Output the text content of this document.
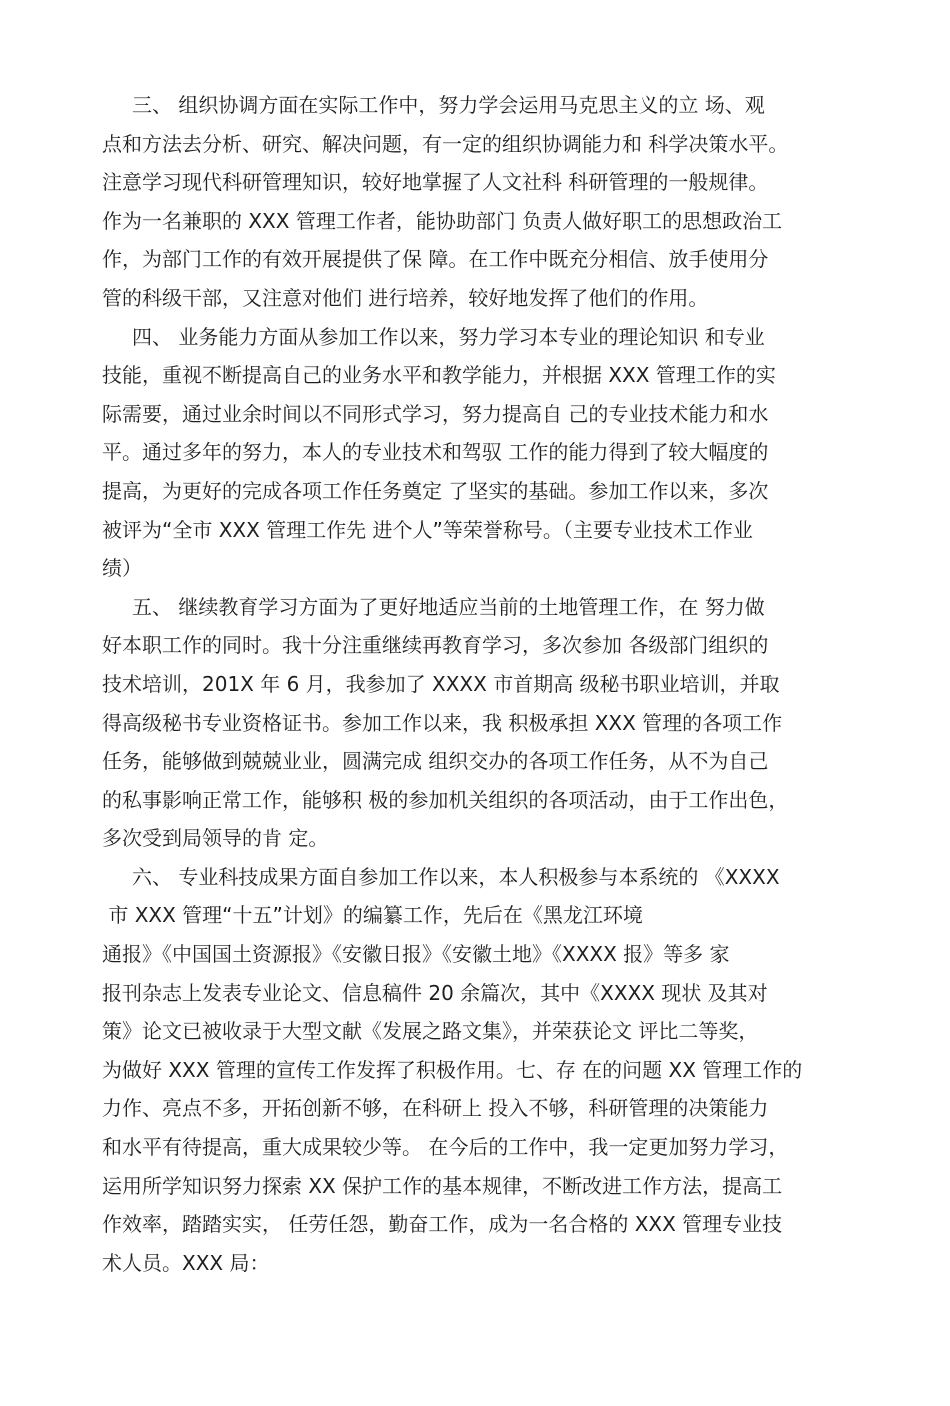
三、 组织协调方面在实际工作中，努力学会运用马克思主义的立 场、观
点和方法去分析、研究、解决问题，有一定的组织协调能力和 科学决策水平。
注意学习现代科研管理知识，较好地掌握了人文社科 科研管理的一般规律。
作为一名兼职的 XXX 管理工作者，能协助部门 负责人做好职工的思想政治工
作，为部门工作的有效开展提供了保 障。在工作中既充分相信、放手使用分
管的科级干部，又注意对他们 进行培养，较好地发挥了他们的作用。
四、 业务能力方面从参加工作以来，努力学习本专业的理论知识 和专业
技能，重视不断提高自己的业务水平和教学能力，并根据 XXX 管理工作的实
际需要，通过业余时间以不同形式学习，努力提高自 己的专业技术能力和水
平。通过多年的努力，本人的专业技术和驾驭 工作的能力得到了较大幅度的
提高，为更好的完成各项工作任务奠定 了坚实的基础。参加工作以来，多次
被评为“全市 XXX 管理工作先 进个人”等荣誉称号。（主要专业技术工作业
绩）
五、 继续教育学习方面为了更好地适应当前的土地管理工作，在 努力做
好本职工作的同时。我十分注重继续再教育学习，多次参加 各级部门组织的
技术培训，201X 年 6 月，我参加了 XXXX 市首期高 级秘书职业培训，并取
得高级秘书专业资格证书。参加工作以来，我 积极承担 XXX 管理的各项工作
任务，能够做到兢兢业业，圆满完成 组织交办的各项工作任务，从不为自己
的私事影响正常工作，能够积 极的参加机关组织的各项活动，由于工作出色，
多次受到局领导的肯 定。
六、 专业科技成果方面自参加工作以来，本人积极参与本系统的 《XXXX
市 XXX 管理“十五”计划》的编纂工作，先后在《黑龙江环境
通报》《中国国土资源报》《安徽日报》《安徽土地》《XXXX 报》等多 家
报刊杂志上发表专业论文、信息稿件 20 余篇次，其中《XXXX 现状 及其对
策》论文已被收录于大型文献《发展之路文集》，并荣获论文 评比二等奖，
为做好 XXX 管理的宣传工作发挥了积极作用。七、存 在的问题 XX 管理工作的
力作、亮点不多，开拓创新不够，在科研上 投入不够，科研管理的决策能力
和水平有待提高，重大成果较少等。 在今后的工作中，我一定更加努力学习，
运用所学知识努力探索 XX 保护工作的基本规律，不断改进工作方法，提高工
作效率，踏踏实实， 任劳任怨，勤奋工作，成为一名合格的 XXX 管理专业技
术人员。XXX 局：
